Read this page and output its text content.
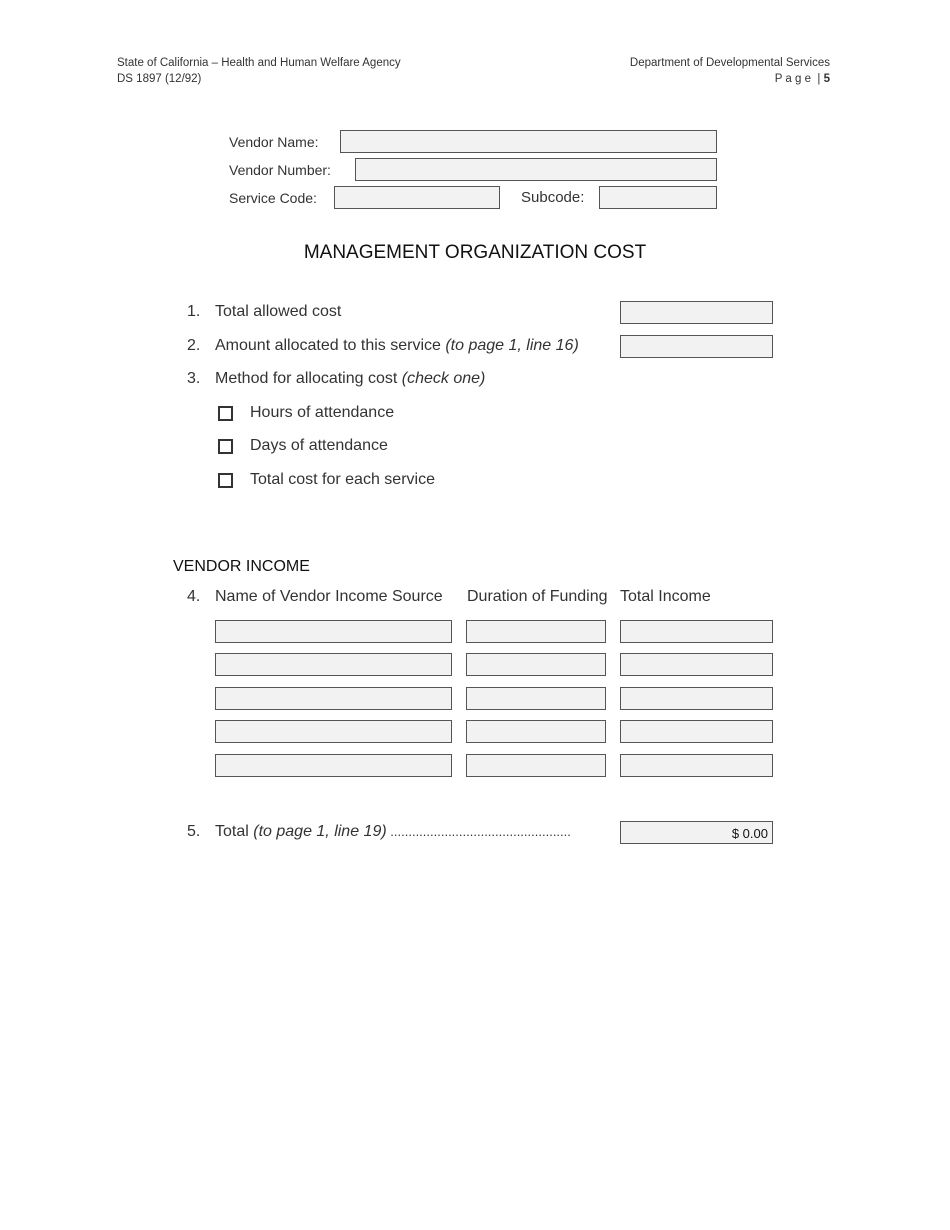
State of California – Health and Human Welfare Agency
DS 1897 (12/92)
Department of Developmental Services
P a g e  | 5
Vendor Name:
Vendor Number:
Service Code:	Subcode:
MANAGEMENT ORGANIZATION COST
1. Total allowed cost
2. Amount allocated to this service (to page 1, line 16)
3. Method for allocating cost (check one)
Hours of attendance
Days of attendance
Total cost for each service
VENDOR INCOME
4. Name of Vendor Income Source Duration of Funding Total Income
5. Total (to page 1, line 19) ..................................................	$ 0.00
